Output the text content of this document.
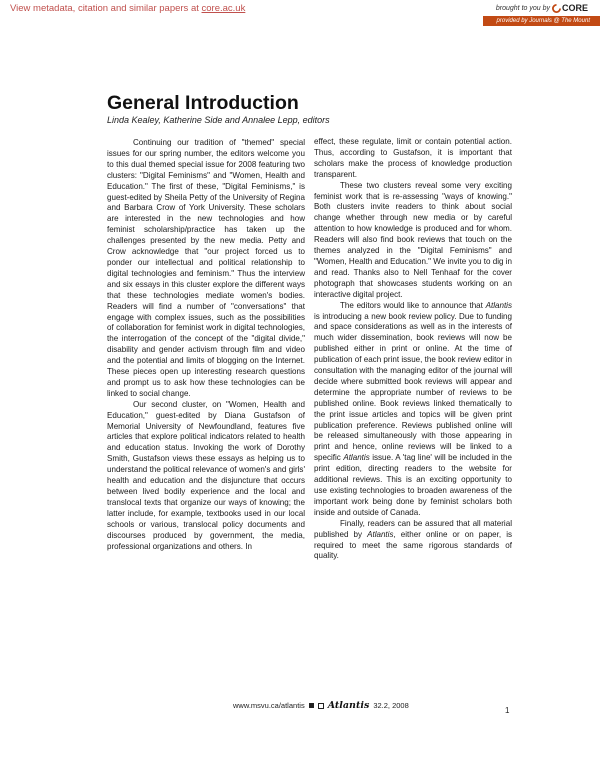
View metadata, citation and similar papers at core.ac.uk	brought to you by CORE
provided by Journals @ The Mount
General Introduction
Linda Kealey, Katherine Side and Annalee Lepp, editors

Continuing our tradition of "themed" special issues for our spring number, the editors welcome you to this dual themed special issue for 2008 featuring two clusters: "Digital Feminisms" and "Women, Health and Education." The first of these, "Digital Feminisms," is guest-edited by Sheila Petty of the University of Regina and Barbara Crow of York University. These scholars are interested in the new technologies and how feminist scholarship/practice has taken up the challenges presented by the new media. Petty and Crow acknowledge that "our project forced us to ponder our intellectual and political relationship to digital technologies and feminism." Thus the interview and six essays in this cluster explore the different ways that these technologies mediate women's bodies. Readers will find a number of "conversations" that engage with complex issues, such as the possibilities of collaboration for feminist work in digital technologies, the interrogation of the concept of the "digital divide," disability and gender activism through film and video and the potential and limits of blogging on the Internet. These pieces open up interesting research questions and prompt us to ask how these technologies can be linked to social change.

Our second cluster, on "Women, Health and Education," guest-edited by Diana Gustafson of Memorial University of Newfoundland, features five articles that explore political indicators related to health and education status. Invoking the work of Dorothy Smith, Gustafson views these essays as helping us to understand the political relevance of women's and girls' health and education and the disjuncture that occurs between lived bodily experience and the local and translocal texts that organize our ways of knowing; the latter include, for example, textbooks used in our local schools or various, translocal policy documents and discourses produced by government, the media, professional organizations and others. In

effect, these regulate, limit or contain potential action. Thus, according to Gustafson, it is important that scholars make the process of knowledge production transparent.

These two clusters reveal some very exciting feminist work that is re-assessing "ways of knowing." Both clusters invite readers to think about social change whether through new media or by careful attention to how knowledge is produced and for whom. Readers will also find book reviews that touch on the themes analyzed in the "Digital Feminisms" and "Women, Health and Education." We invite you to dig in and read. Thanks also to Nell Tenhaaf for the cover photograph that showcases students working on an interactive digital project.

The editors would like to announce that Atlantis is introducing a new book review policy. Due to funding and space considerations as well as in the interests of much wider dissemination, book reviews will now be published either in print or online. At the time of publication of each print issue, the book review editor in consultation with the managing editor of the journal will decide where submitted book reviews will appear and determine the appropriate number of reviews to be published online. Book reviews linked thematically to the print issue articles and topics will be given print publication preference. Reviews published online will be released simultaneously with those appearing in print and hence, online reviews will be linked to a specific Atlantis issue. A 'tag line' will be included in the print edition, directing readers to the website for additional reviews. This is an exciting opportunity to use existing technologies to broaden awareness of the important work being done by feminist scholars both inside and outside of Canada.

Finally, readers can be assured that all material published by Atlantis, either online or on paper, is required to meet the same rigorous standards of quality.

www.msvu.ca/atlantis Atlantis 32.2, 2008
1
